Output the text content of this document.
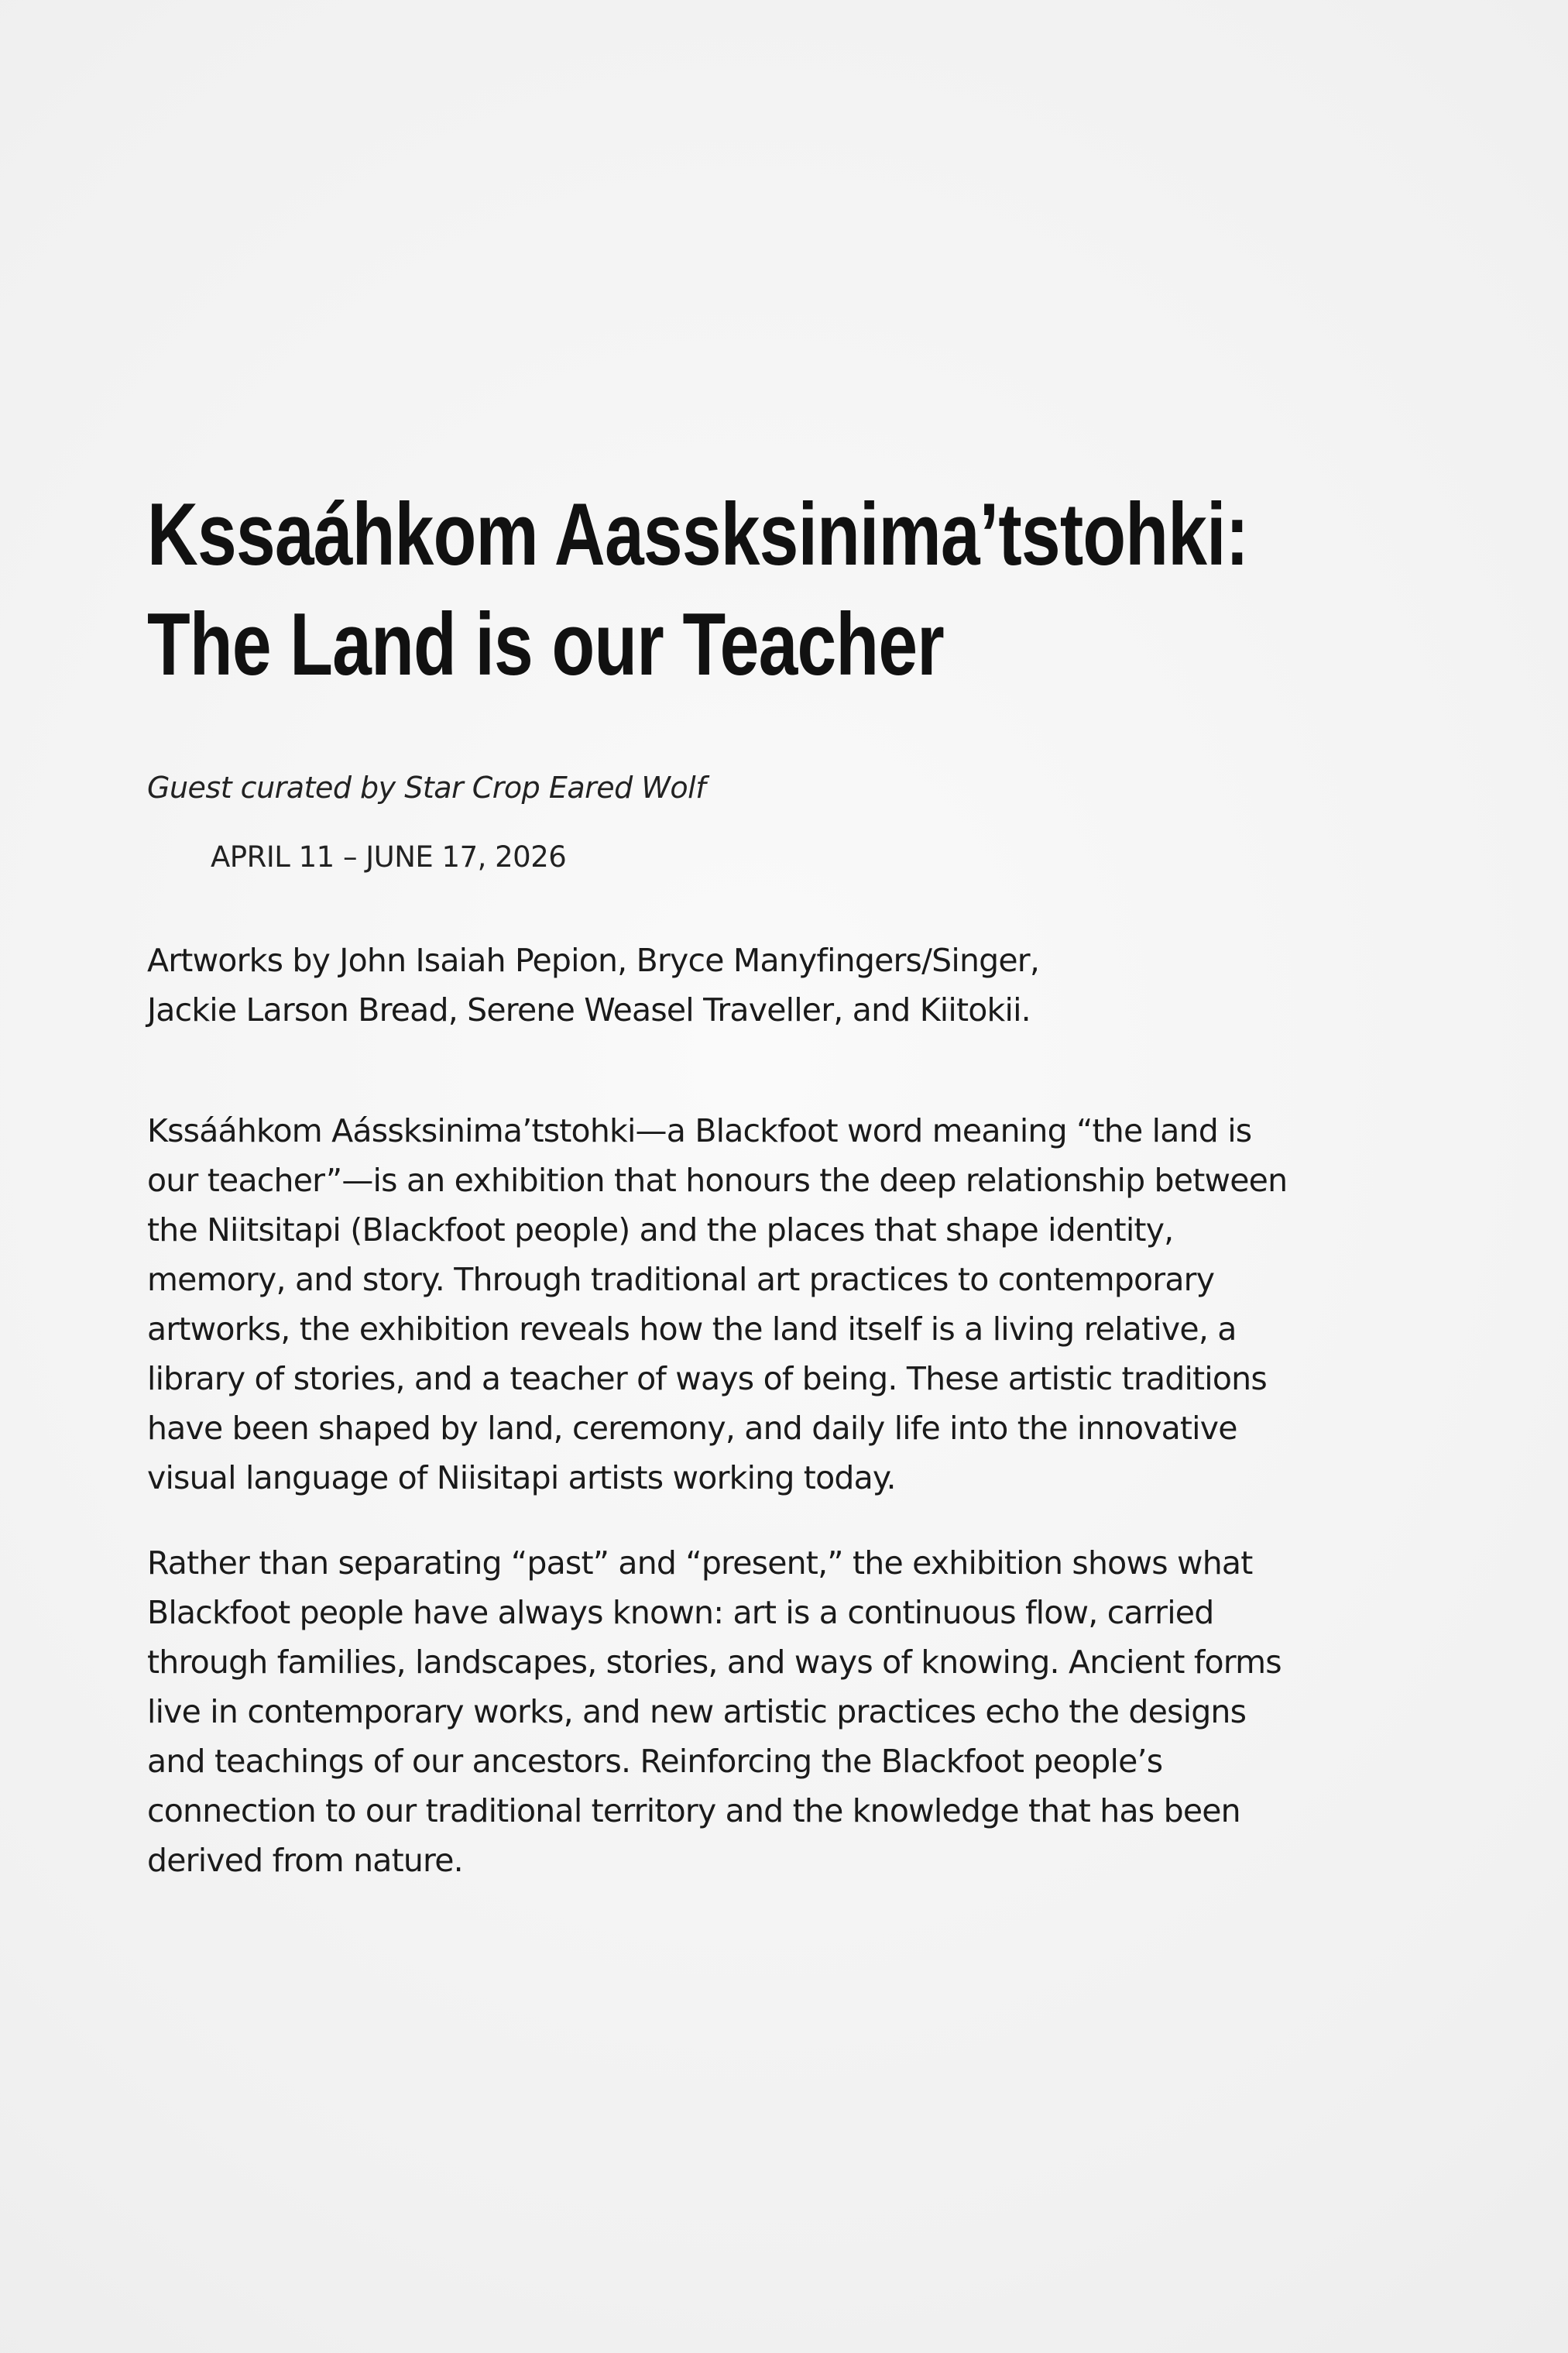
Kssaáhkom Aassksinima’tstohki:
The Land is our Teacher
Guest curated by Star Crop Eared Wolf
APRIL 11 – JUNE 17, 2026
Artworks by John Isaiah Pepion, Bryce Manyfingers/Singer,
Jackie Larson Bread, Serene Weasel Traveller, and Kiitokii.
Kssááhkom Aássksinima’tstohki—a Blackfoot word meaning “the land is
our teacher”—is an exhibition that honours the deep relationship between
the Niitsitapi (Blackfoot people) and the places that shape identity,
memory, and story. Through traditional art practices to contemporary
artworks, the exhibition reveals how the land itself is a living relative, a
library of stories, and a teacher of ways of being. These artistic traditions
have been shaped by land, ceremony, and daily life into the innovative
visual language of Niisitapi artists working today.
Rather than separating “past” and “present,” the exhibition shows what
Blackfoot people have always known: art is a continuous flow, carried
through families, landscapes, stories, and ways of knowing. Ancient forms
live in contemporary works, and new artistic practices echo the designs
and teachings of our ancestors. Reinforcing the Blackfoot people’s
connection to our traditional territory and the knowledge that has been
derived from nature.
